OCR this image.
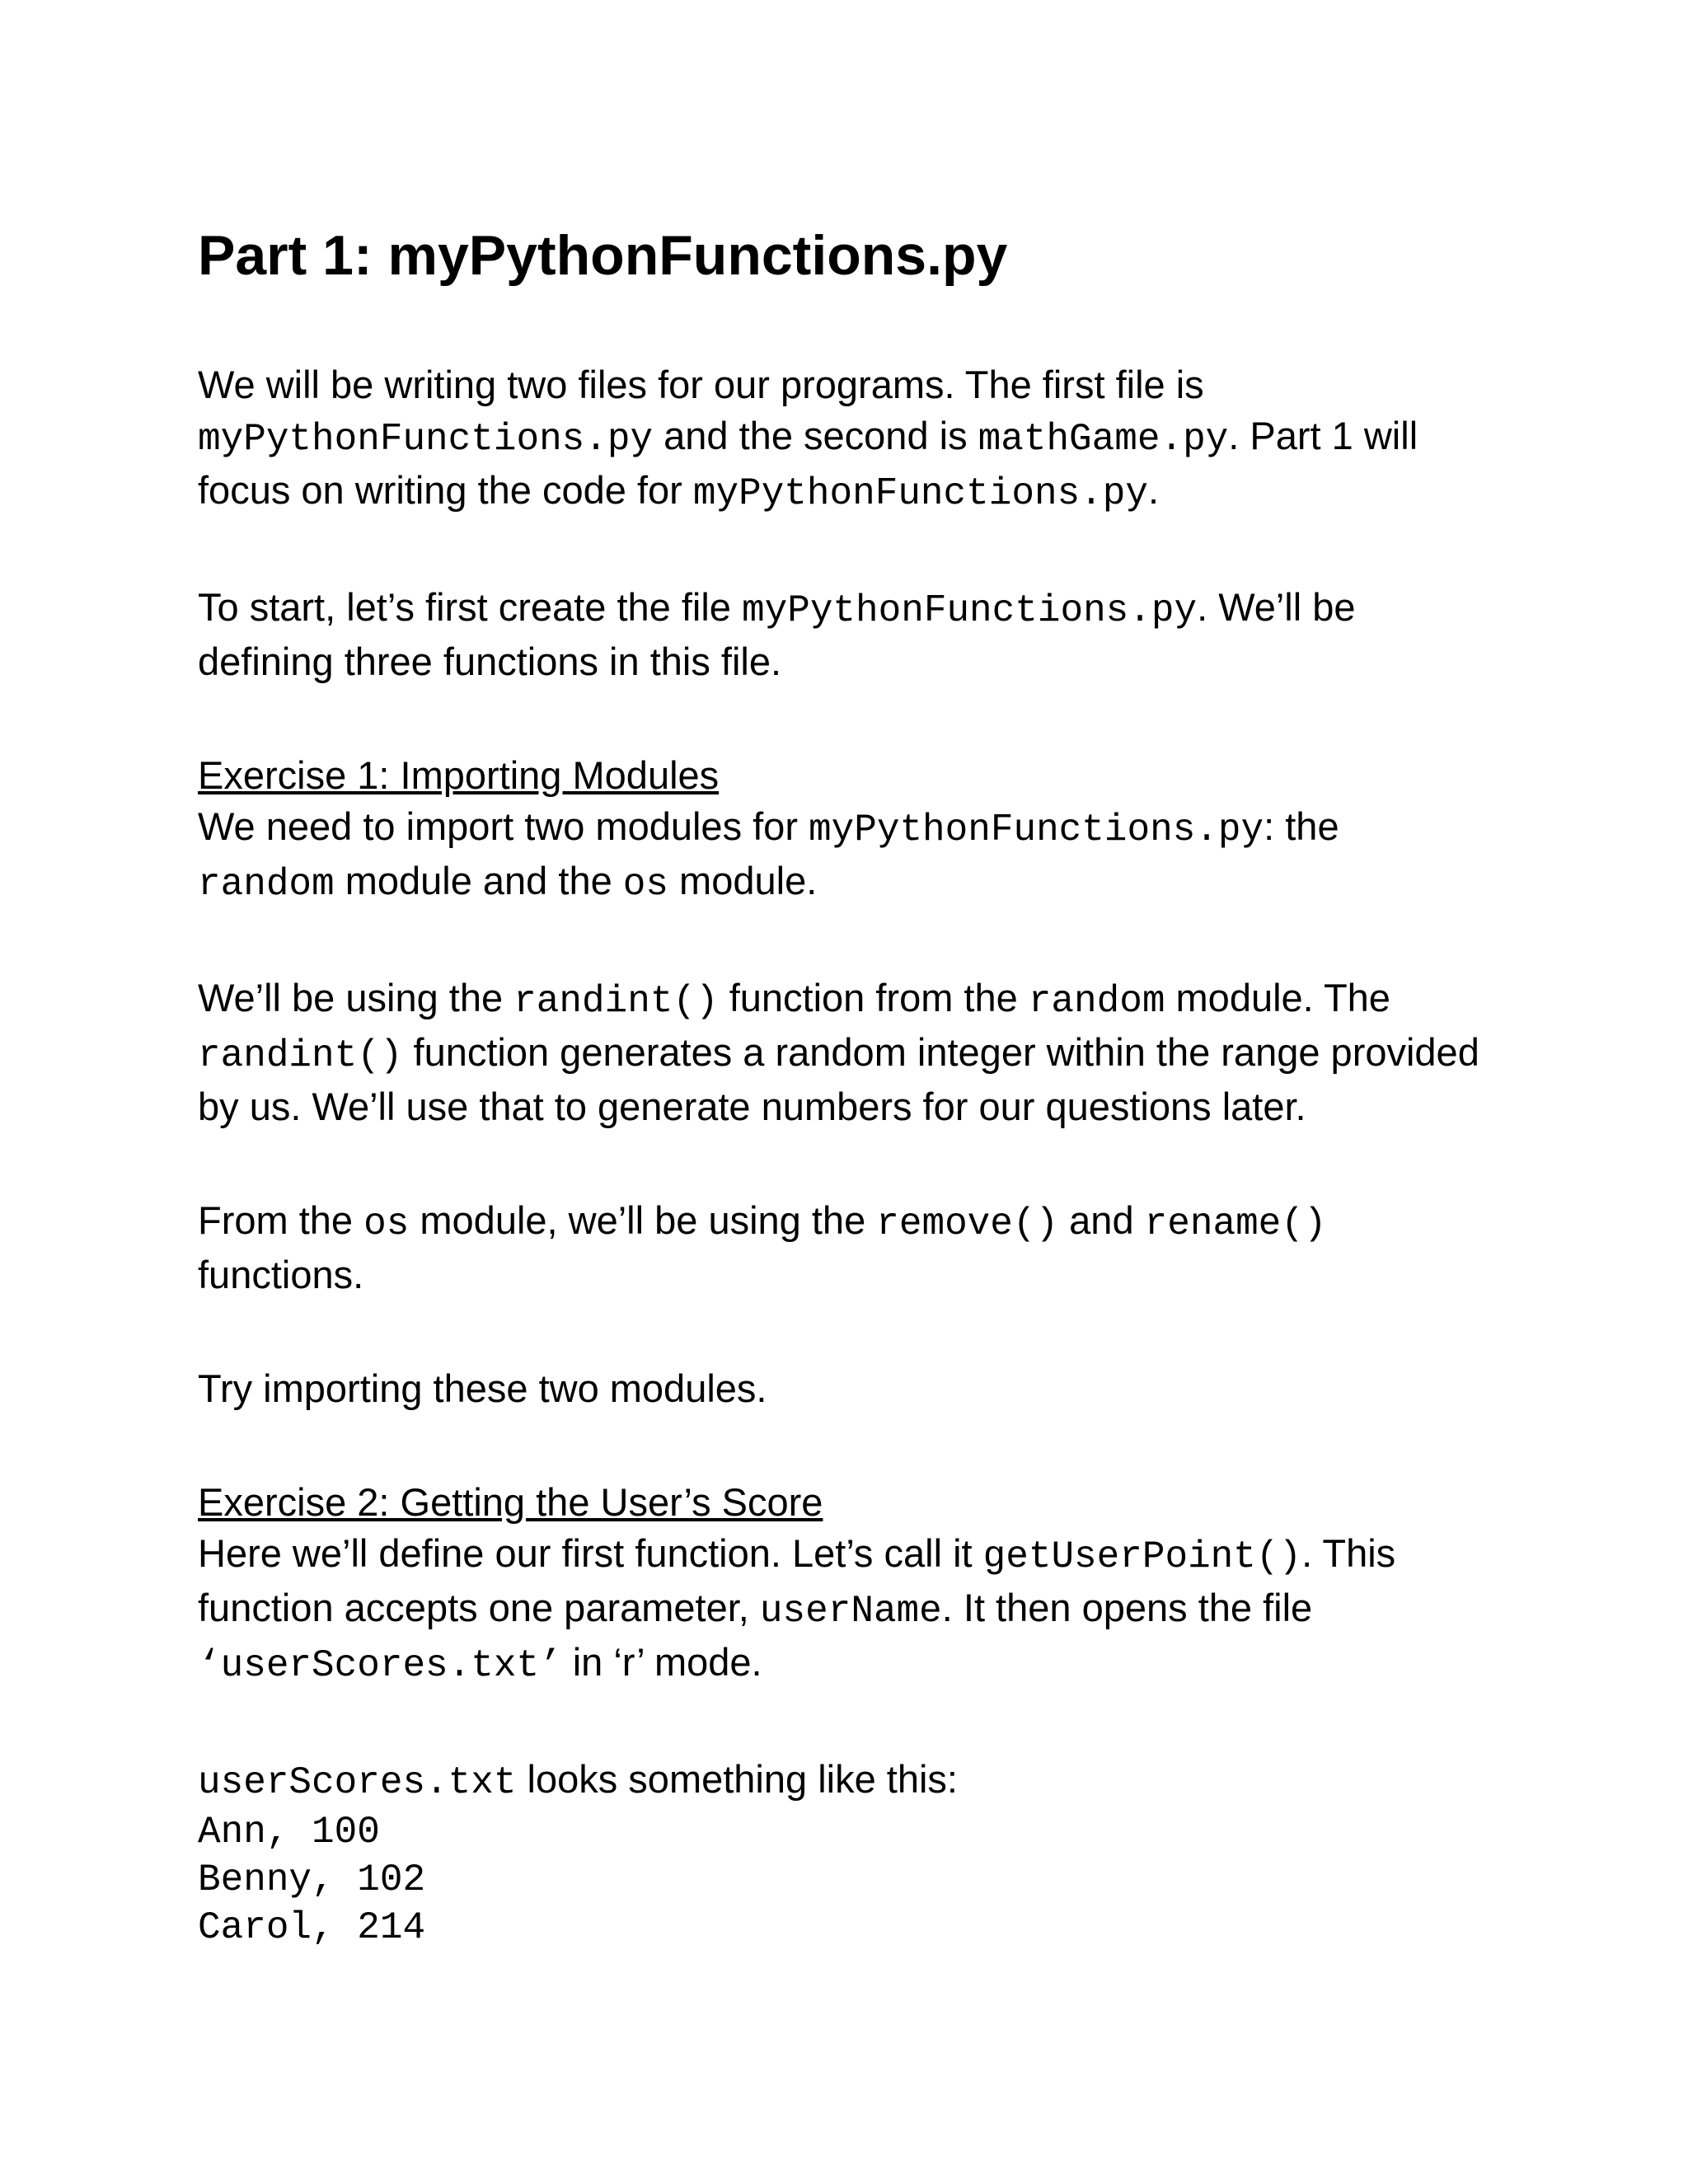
Part 1: myPythonFunctions.py

We will be writing two files for our programs. The first file is myPythonFunctions.py and the second is mathGame.py. Part 1 will focus on writing the code for myPythonFunctions.py.

To start, let’s first create the file myPythonFunctions.py. We’ll be defining three functions in this file.

Exercise 1: Importing Modules
We need to import two modules for myPythonFunctions.py: the random module and the os module.

We’ll be using the randint() function from the random module. The randint() function generates a random integer within the range provided by us. We’ll use that to generate numbers for our questions later.

From the os module, we’ll be using the remove() and rename() functions.

Try importing these two modules.

Exercise 2: Getting the User’s Score
Here we’ll define our first function. Let’s call it getUserPoint(). This function accepts one parameter, userName. It then opens the file ‘userScores.txt’ in ‘r’ mode.

userScores.txt looks something like this:
Ann, 100
Benny, 102
Carol, 214
